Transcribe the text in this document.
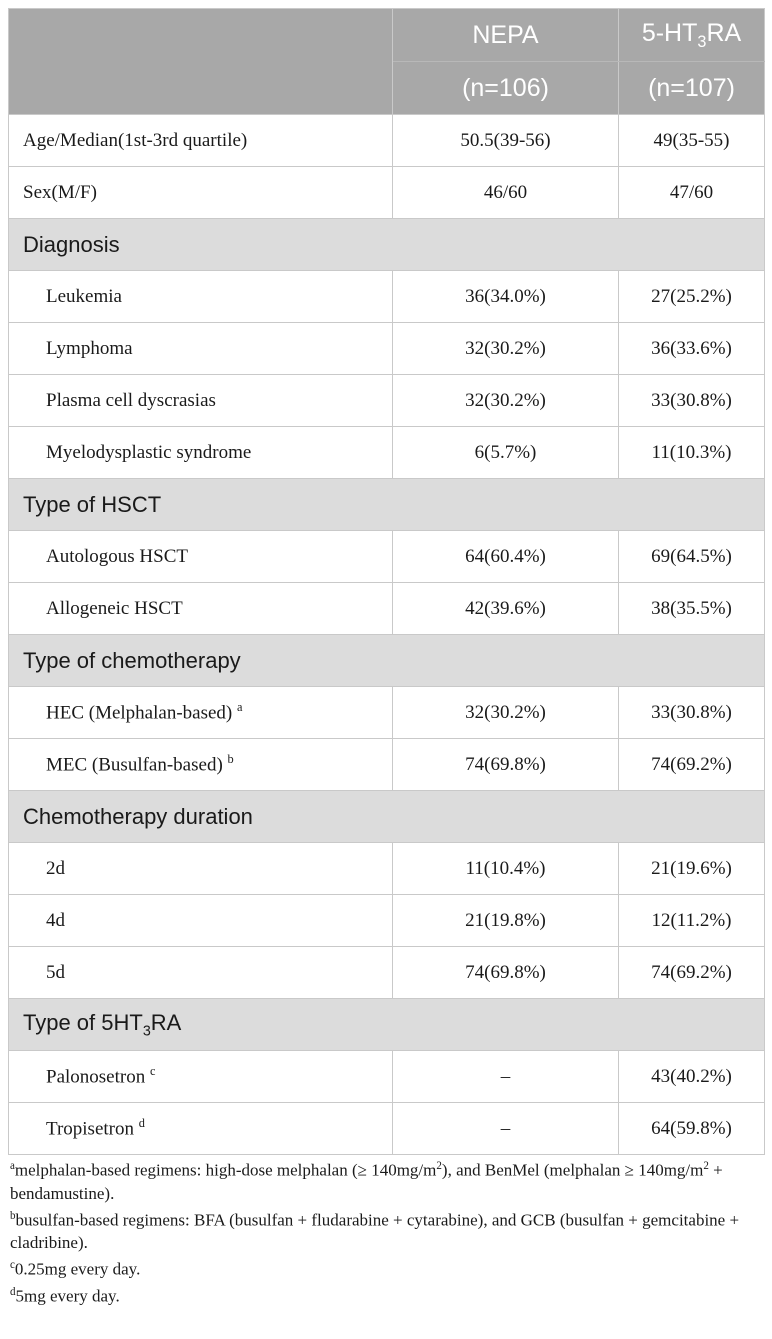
	NEPA	$5-HT_3RA$
	(n=106)	(n=107)
Age/Median(1st-3rd quartile)	50.5(39-56)	49(35-55)
Sex(M/F)	46/60	47/60
Diagnosis		
Leukemia	36(34.0%)	27(25.2%)
Lymphoma	32(30.2%)	36(33.6%)
Plasma cell dyscrasias	32(30.2%)	33(30.8%)
Myelodysplastic syndrome	6(5.7%)	11(10.3%)
Type of HSCT		
Autologous HSCT	64(60.4%)	69(64.5%)
Allogeneic HSCT	42(39.6%)	38(35.5%)
Type of chemotherapy		
HEC (Melphalan-based) $^a$	32(30.2%)	33(30.8%)
MEC (Busulfan-based) $^b$	74(69.8%)	74(69.2%)
Chemotherapy duration		
2d	11(10.4%)	21(19.6%)
4d	21(19.8%)	12(11.2%)
5d	74(69.8%)	74(69.2%)
Type of $5HT_3RA$		
Palonosetron $^c$	–	43(40.2%)
Tropisetron $^d$	–	64(59.8%)

$^a$melphalan-based regimens: high-dose melphalan (≥ $140mg/m^2$), and BenMel (melphalan ≥ $140mg/m^2$ + bendamustine).

$^b$busulfan-based regimens: BFA (busulfan + fludarabine + cytarabine), and GCB (busulfan + gemcitabine + cladribine).

$^c$0.25mg every day.

$^d$5mg every day.
